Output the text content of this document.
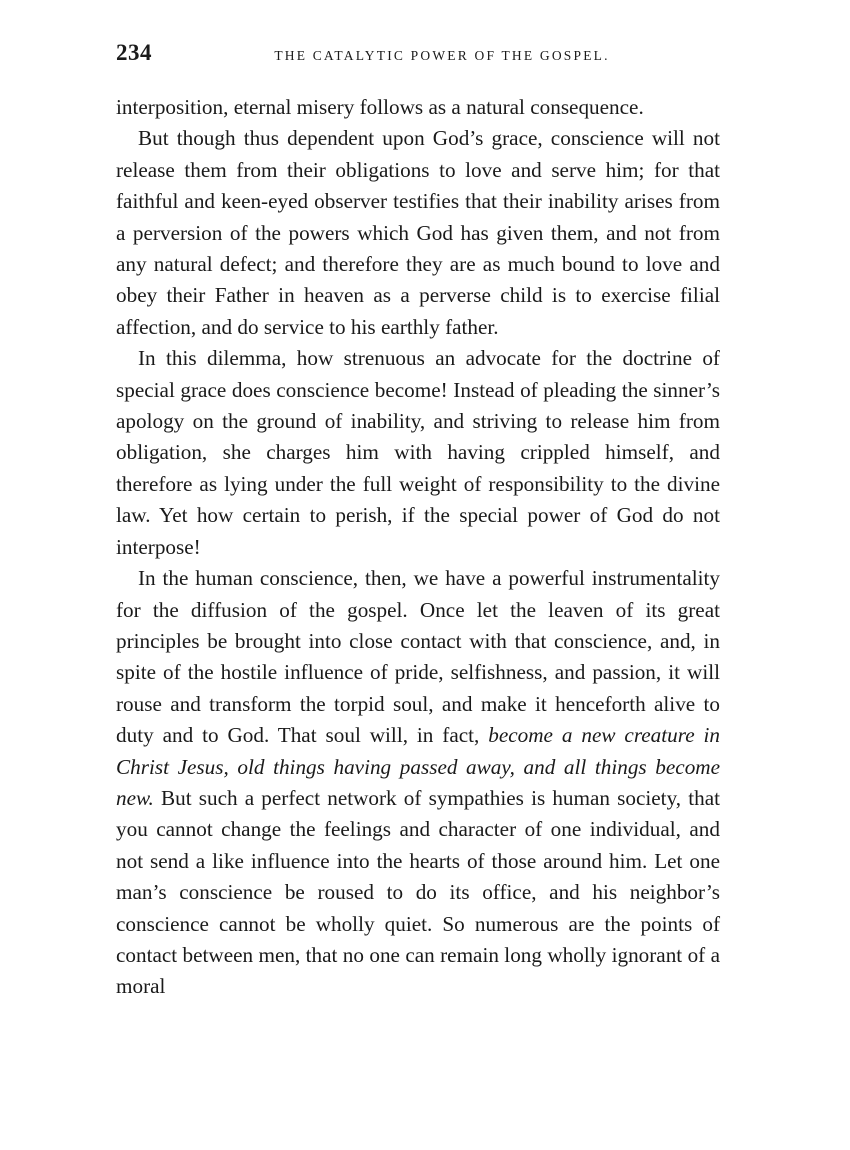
234	THE CATALYTIC POWER OF THE GOSPEL.

interposition, eternal misery follows as a natural consequence.

But though thus dependent upon God’s grace, conscience will not release them from their obligations to love and serve him; for that faithful and keen-eyed observer testifies that their inability arises from a perversion of the powers which God has given them, and not from any natural defect; and therefore they are as much bound to love and obey their Father in heaven as a perverse child is to exercise filial affection, and do service to his earthly father.

In this dilemma, how strenuous an advocate for the doctrine of special grace does conscience become! Instead of pleading the sinner’s apology on the ground of inability, and striving to release him from obligation, she charges him with having crippled himself, and therefore as lying under the full weight of responsibility to the divine law. Yet how certain to perish, if the special power of God do not interpose!

In the human conscience, then, we have a powerful instrumentality for the diffusion of the gospel. Once let the leaven of its great principles be brought into close contact with that conscience, and, in spite of the hostile influence of pride, selfishness, and passion, it will rouse and transform the torpid soul, and make it henceforth alive to duty and to God. That soul will, in fact, become a new creature in Christ Jesus, old things having passed away, and all things become new. But such a perfect network of sympathies is human society, that you cannot change the feelings and character of one individual, and not send a like influence into the hearts of those around him. Let one man’s conscience be roused to do its office, and his neighbor’s conscience cannot be wholly quiet. So numerous are the points of contact between men, that no one can remain long wholly ignorant of a moral
